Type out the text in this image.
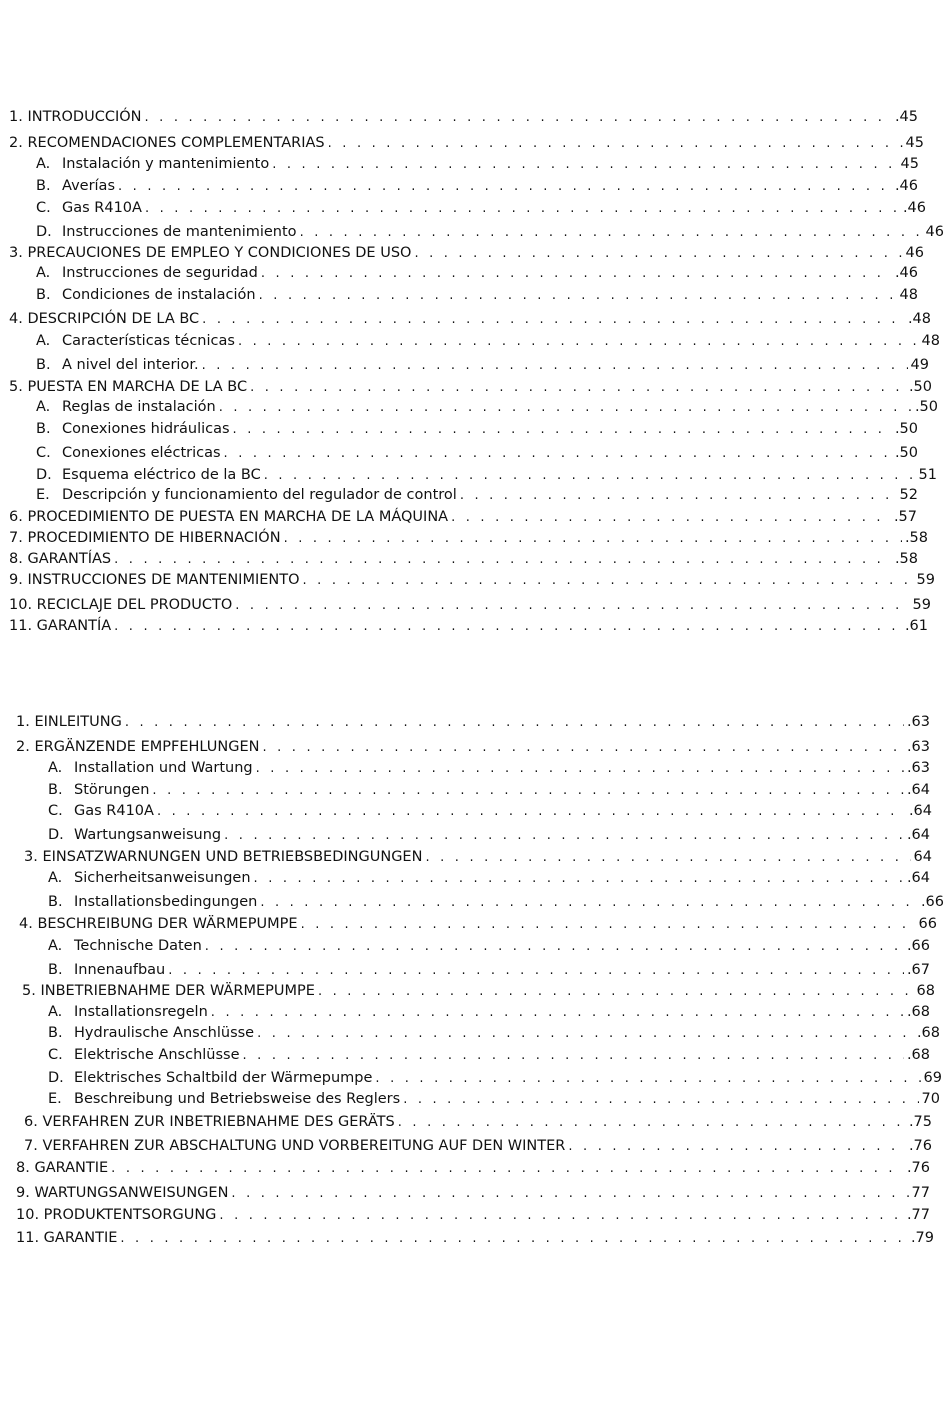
1. INTRODUCCIÓN . . .	.45
2. RECOMENDACIONES COMPLEMENTARIAS . . .	45
A. Instalación y mantenimiento . . .	45
B. Averías . . .	.46
C. Gas R410A . . .	.46
D. Instrucciones de mantenimiento . . .	46
3. PRECAUCIONES DE EMPLEO Y CONDICIONES DE USO . . .	46
A. Instrucciones de seguridad . . .	.46
B. Condiciones de instalación . . .	48
4. DESCRIPCIÓN DE LA BC . . .	.48
A. Características técnicas . . .	48
B. A nivel del interior. . . .	49
5. PUESTA EN MARCHA DE LA BC . . .	.50
A. Reglas de instalación . . .	.50
B. Conexiones hidráulicas . . .	.50
C. Conexiones eléctricas . . .	.50
D. Esquema eléctrico de la BC . . .	51
E. Descripción y funcionamiento del regulador de control . . .	52
6. PROCEDIMIENTO DE PUESTA EN MARCHA DE LA MÁQUINA . . .	.57
7. PROCEDIMIENTO DE HIBERNACIÓN . . .	.58
8. GARANTÍAS . . .	.58
9. INSTRUCCIONES DE MANTENIMIENTO . . .	59
10. RECICLAJE DEL PRODUCTO . . .	59
11. GARANTÍA . . .	.61
1. EINLEITUNG . . .	.63
2. ERGÄNZENDE EMPFEHLUNGEN . . .	.63
A. Installation und Wartung . . .	.63
B. Störungen . . .	.64
C. Gas R410A . . .	.64
D. Wartungsanweisung . . .	.64
3. EINSATZWARNUNGEN UND BETRIEBSBEDINGUNGEN . . .	64
A. Sicherheitsanweisungen . . .	.64
B. Installationsbedingungen . . .	.66
4. BESCHREIBUNG DER WÄRMEPUMPE . . .	66
A. Technische Daten . . .	.66
B. Innenaufbau . . .	.67
5. INBETRIEBNAHME DER WÄRMEPUMPE . . .	68
A. Installationsregeln . . .	.68
B. Hydraulische Anschlüsse . . .	.68
C. Elektrische Anschlüsse . . .	.68
D. Elektrisches Schaltbild der Wärmepumpe . . .	69
E. Beschreibung und Betriebsweise des Reglers . . .	70
6. VERFAHREN ZUR INBETRIEBNAHME DES GERÄTS . . .	.75
7. VERFAHREN ZUR ABSCHALTUNG UND VORBEREITUNG AUF DEN WINTER . . .	.76
8. GARANTIE . . .	.76
9. WARTUNGSANWEISUNGEN . . .	77
10. PRODUKTENTSORGUNG . . .	.77
11. GARANTIE . . .	.79
